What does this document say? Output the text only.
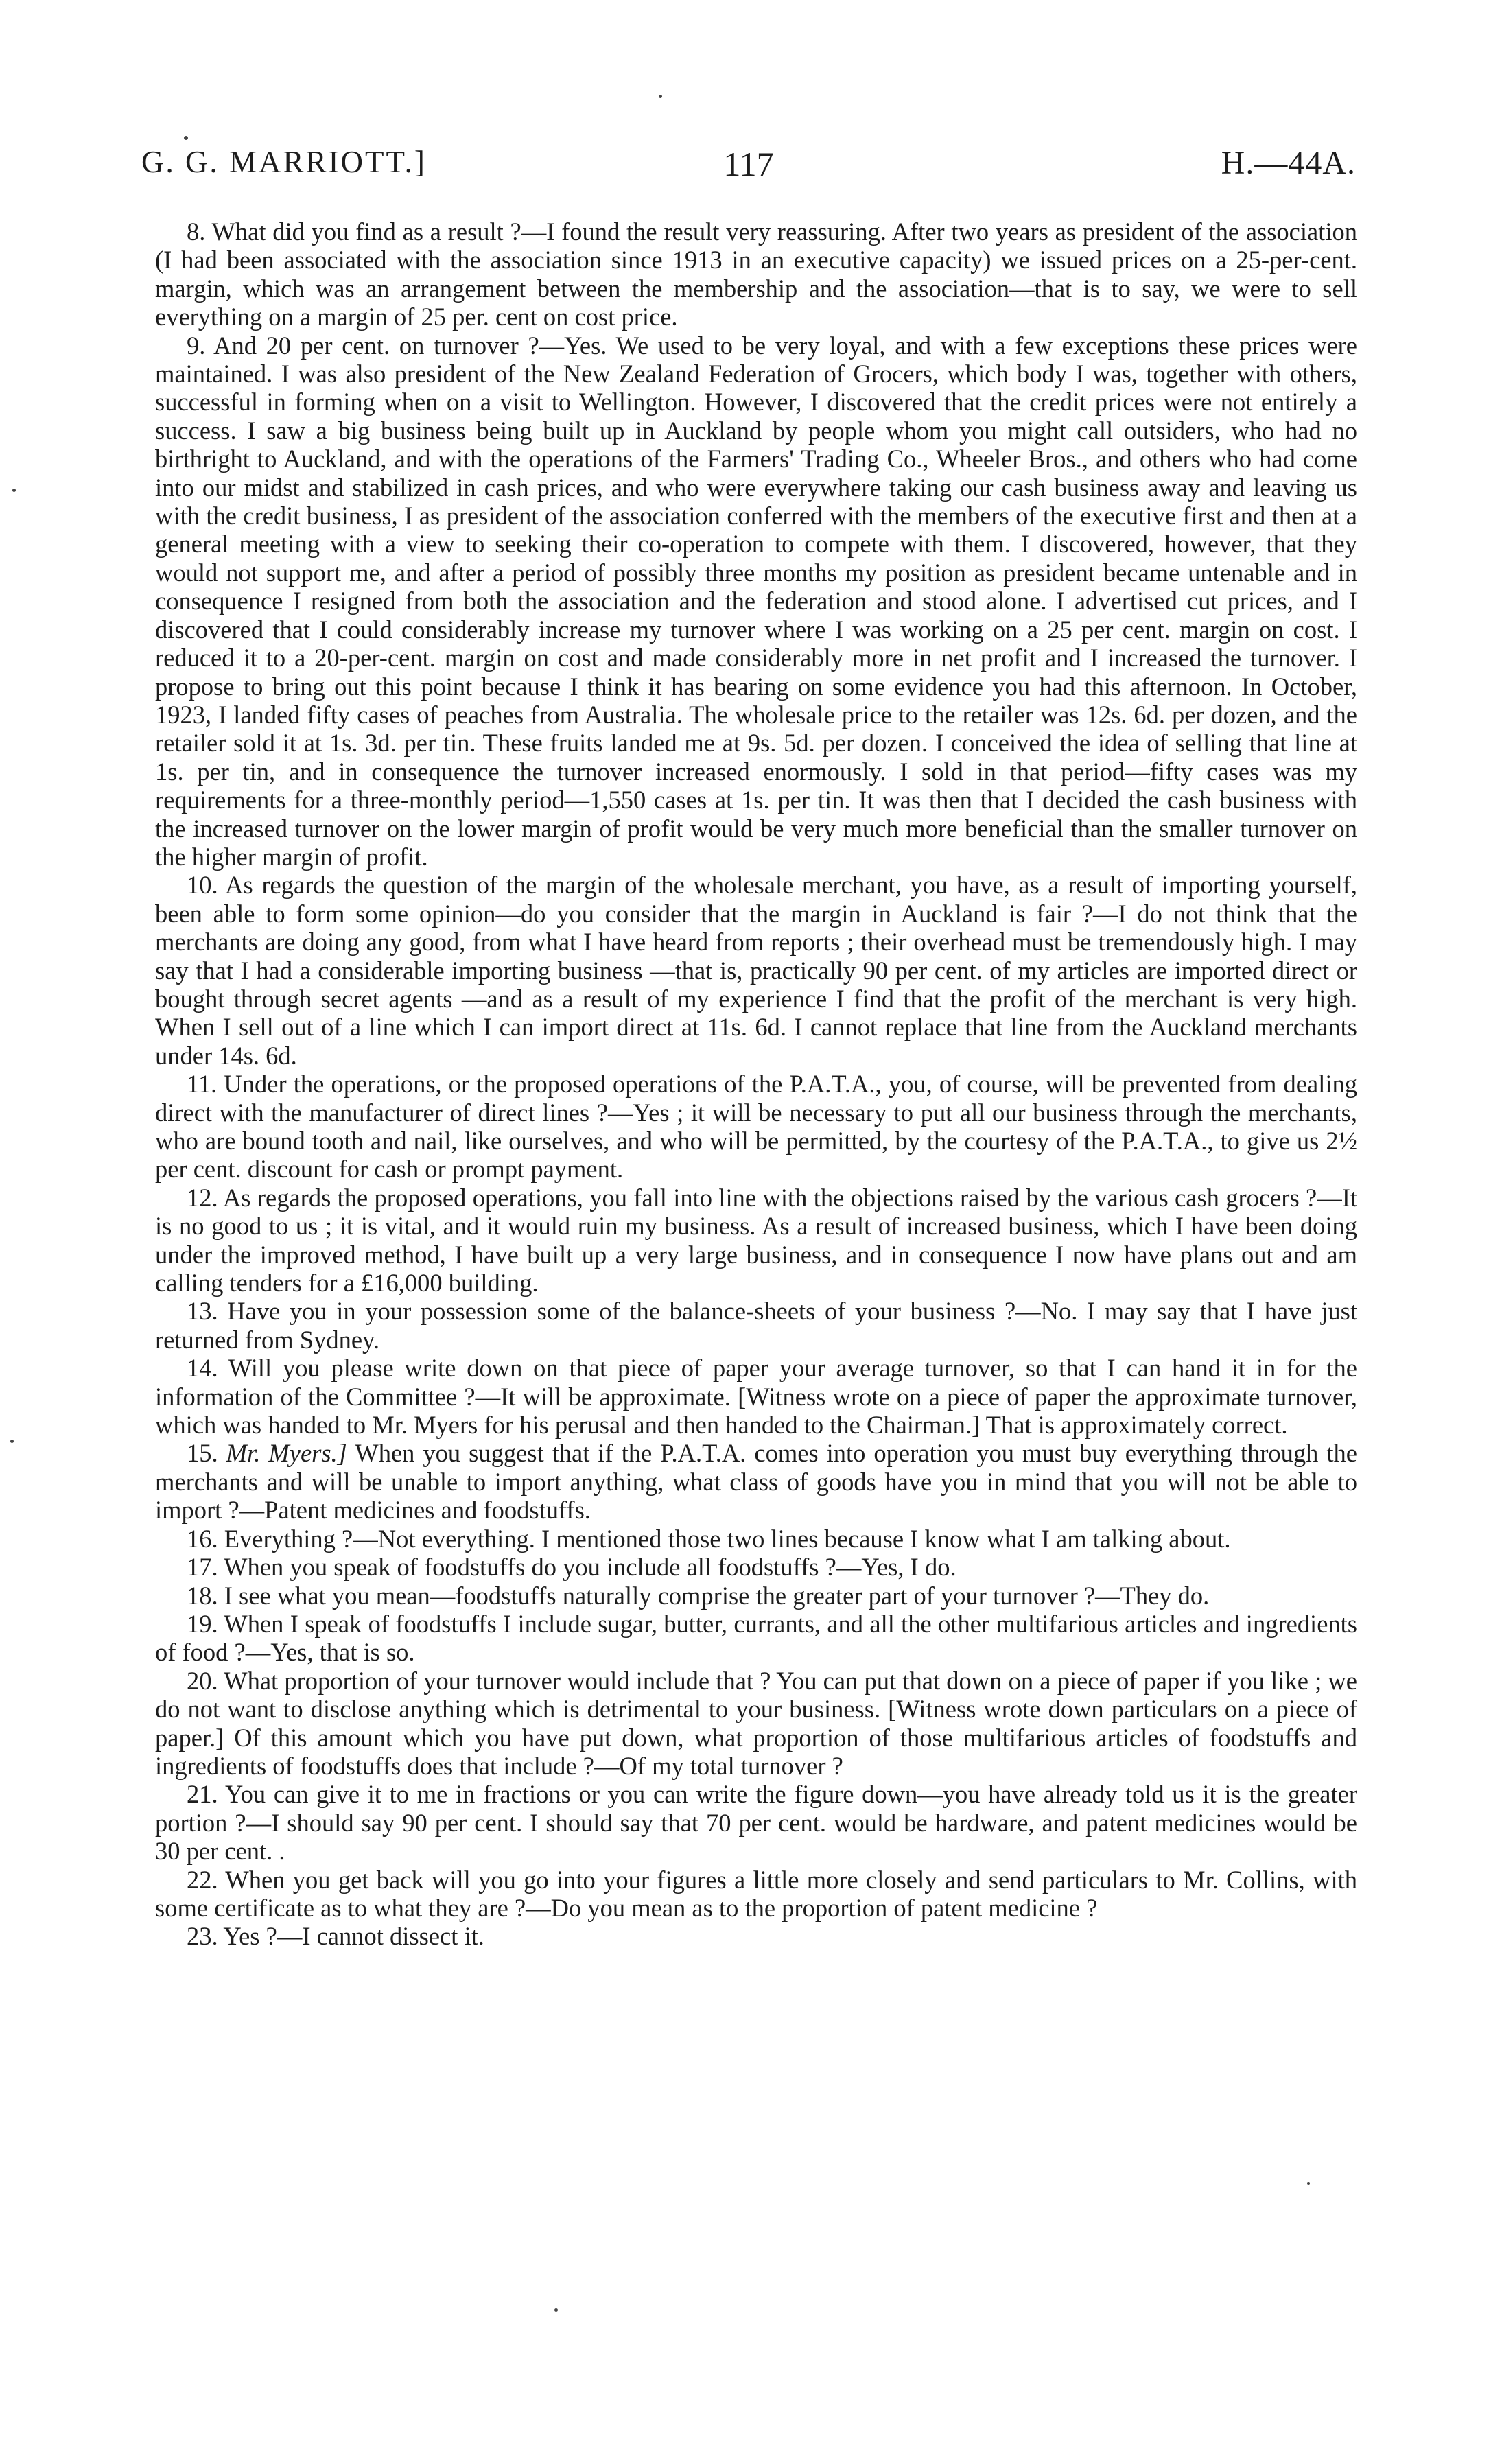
G. G. MARRIOTT.]	117	H.—44A.

8. What did you find as a result ?—I found the result very reassuring. After two years as president of the association (I had been associated with the association since 1913 in an executive capacity) we issued prices on a 25-per-cent. margin, which was an arrangement between the membership and the association—that is to say, we were to sell everything on a margin of 25 per. cent on cost price.

9. And 20 per cent. on turnover ?—Yes. We used to be very loyal, and with a few exceptions these prices were maintained. I was also president of the New Zealand Federation of Grocers, which body I was, together with others, successful in forming when on a visit to Wellington. However, I discovered that the credit prices were not entirely a success. I saw a big business being built up in Auckland by people whom you might call outsiders, who had no birthright to Auckland, and with the operations of the Farmers' Trading Co., Wheeler Bros., and others who had come into our midst and stabilized in cash prices, and who were everywhere taking our cash business away and leaving us with the credit business, I as president of the association conferred with the members of the executive first and then at a general meeting with a view to seeking their co-operation to compete with them. I discovered, however, that they would not support me, and after a period of possibly three months my position as president became untenable and in consequence I resigned from both the association and the federation and stood alone. I advertised cut prices, and I discovered that I could considerably increase my turnover where I was working on a 25 per cent. margin on cost. I reduced it to a 20-per-cent. margin on cost and made considerably more in net profit and I increased the turnover. I propose to bring out this point because I think it has bearing on some evidence you had this afternoon. In October, 1923, I landed fifty cases of peaches from Australia. The wholesale price to the retailer was 12s. 6d. per dozen, and the retailer sold it at 1s. 3d. per tin. These fruits landed me at 9s. 5d. per dozen. I conceived the idea of selling that line at 1s. per tin, and in consequence the turnover increased enormously. I sold in that period—fifty cases was my requirements for a three-monthly period—1,550 cases at 1s. per tin. It was then that I decided the cash business with the increased turnover on the lower margin of profit would be very much more beneficial than the smaller turnover on the higher margin of profit.

10. As regards the question of the margin of the wholesale merchant, you have, as a result of importing yourself, been able to form some opinion—do you consider that the margin in Auckland is fair ?—I do not think that the merchants are doing any good, from what I have heard from reports ; their overhead must be tremendously high. I may say that I had a considerable importing business —that is, practically 90 per cent. of my articles are imported direct or bought through secret agents —and as a result of my experience I find that the profit of the merchant is very high. When I sell out of a line which I can import direct at 11s. 6d. I cannot replace that line from the Auckland merchants under 14s. 6d.

11. Under the operations, or the proposed operations of the P.A.T.A., you, of course, will be prevented from dealing direct with the manufacturer of direct lines ?—Yes ; it will be necessary to put all our business through the merchants, who are bound tooth and nail, like ourselves, and who will be permitted, by the courtesy of the P.A.T.A., to give us 2½ per cent. discount for cash or prompt payment.

12. As regards the proposed operations, you fall into line with the objections raised by the various cash grocers ?—It is no good to us ; it is vital, and it would ruin my business. As a result of increased business, which I have been doing under the improved method, I have built up a very large business, and in consequence I now have plans out and am calling tenders for a £16,000 building.

13. Have you in your possession some of the balance-sheets of your business ?—No. I may say that I have just returned from Sydney.

14. Will you please write down on that piece of paper your average turnover, so that I can hand it in for the information of the Committee ?—It will be approximate. [Witness wrote on a piece of paper the approximate turnover, which was handed to Mr. Myers for his perusal and then handed to the Chairman.] That is approximately correct.

15. Mr. Myers.] When you suggest that if the P.A.T.A. comes into operation you must buy everything through the merchants and will be unable to import anything, what class of goods have you in mind that you will not be able to import ?—Patent medicines and foodstuffs.

16. Everything ?—Not everything. I mentioned those two lines because I know what I am talking about.

17. When you speak of foodstuffs do you include all foodstuffs ?—Yes, I do.

18. I see what you mean—foodstuffs naturally comprise the greater part of your turnover ?—They do.

19. When I speak of foodstuffs I include sugar, butter, currants, and all the other multifarious articles and ingredients of food ?—Yes, that is so.

20. What proportion of your turnover would include that ? You can put that down on a piece of paper if you like ; we do not want to disclose anything which is detrimental to your business. [Witness wrote down particulars on a piece of paper.] Of this amount which you have put down, what proportion of those multifarious articles of foodstuffs and ingredients of foodstuffs does that include ?—Of my total turnover ?

21. You can give it to me in fractions or you can write the figure down—you have already told us it is the greater portion ?—I should say 90 per cent. I should say that 70 per cent. would be hardware, and patent medicines would be 30 per cent. .

22. When you get back will you go into your figures a little more closely and send particulars to Mr. Collins, with some certificate as to what they are ?—Do you mean as to the proportion of patent medicine ?

23. Yes ?—I cannot dissect it.
